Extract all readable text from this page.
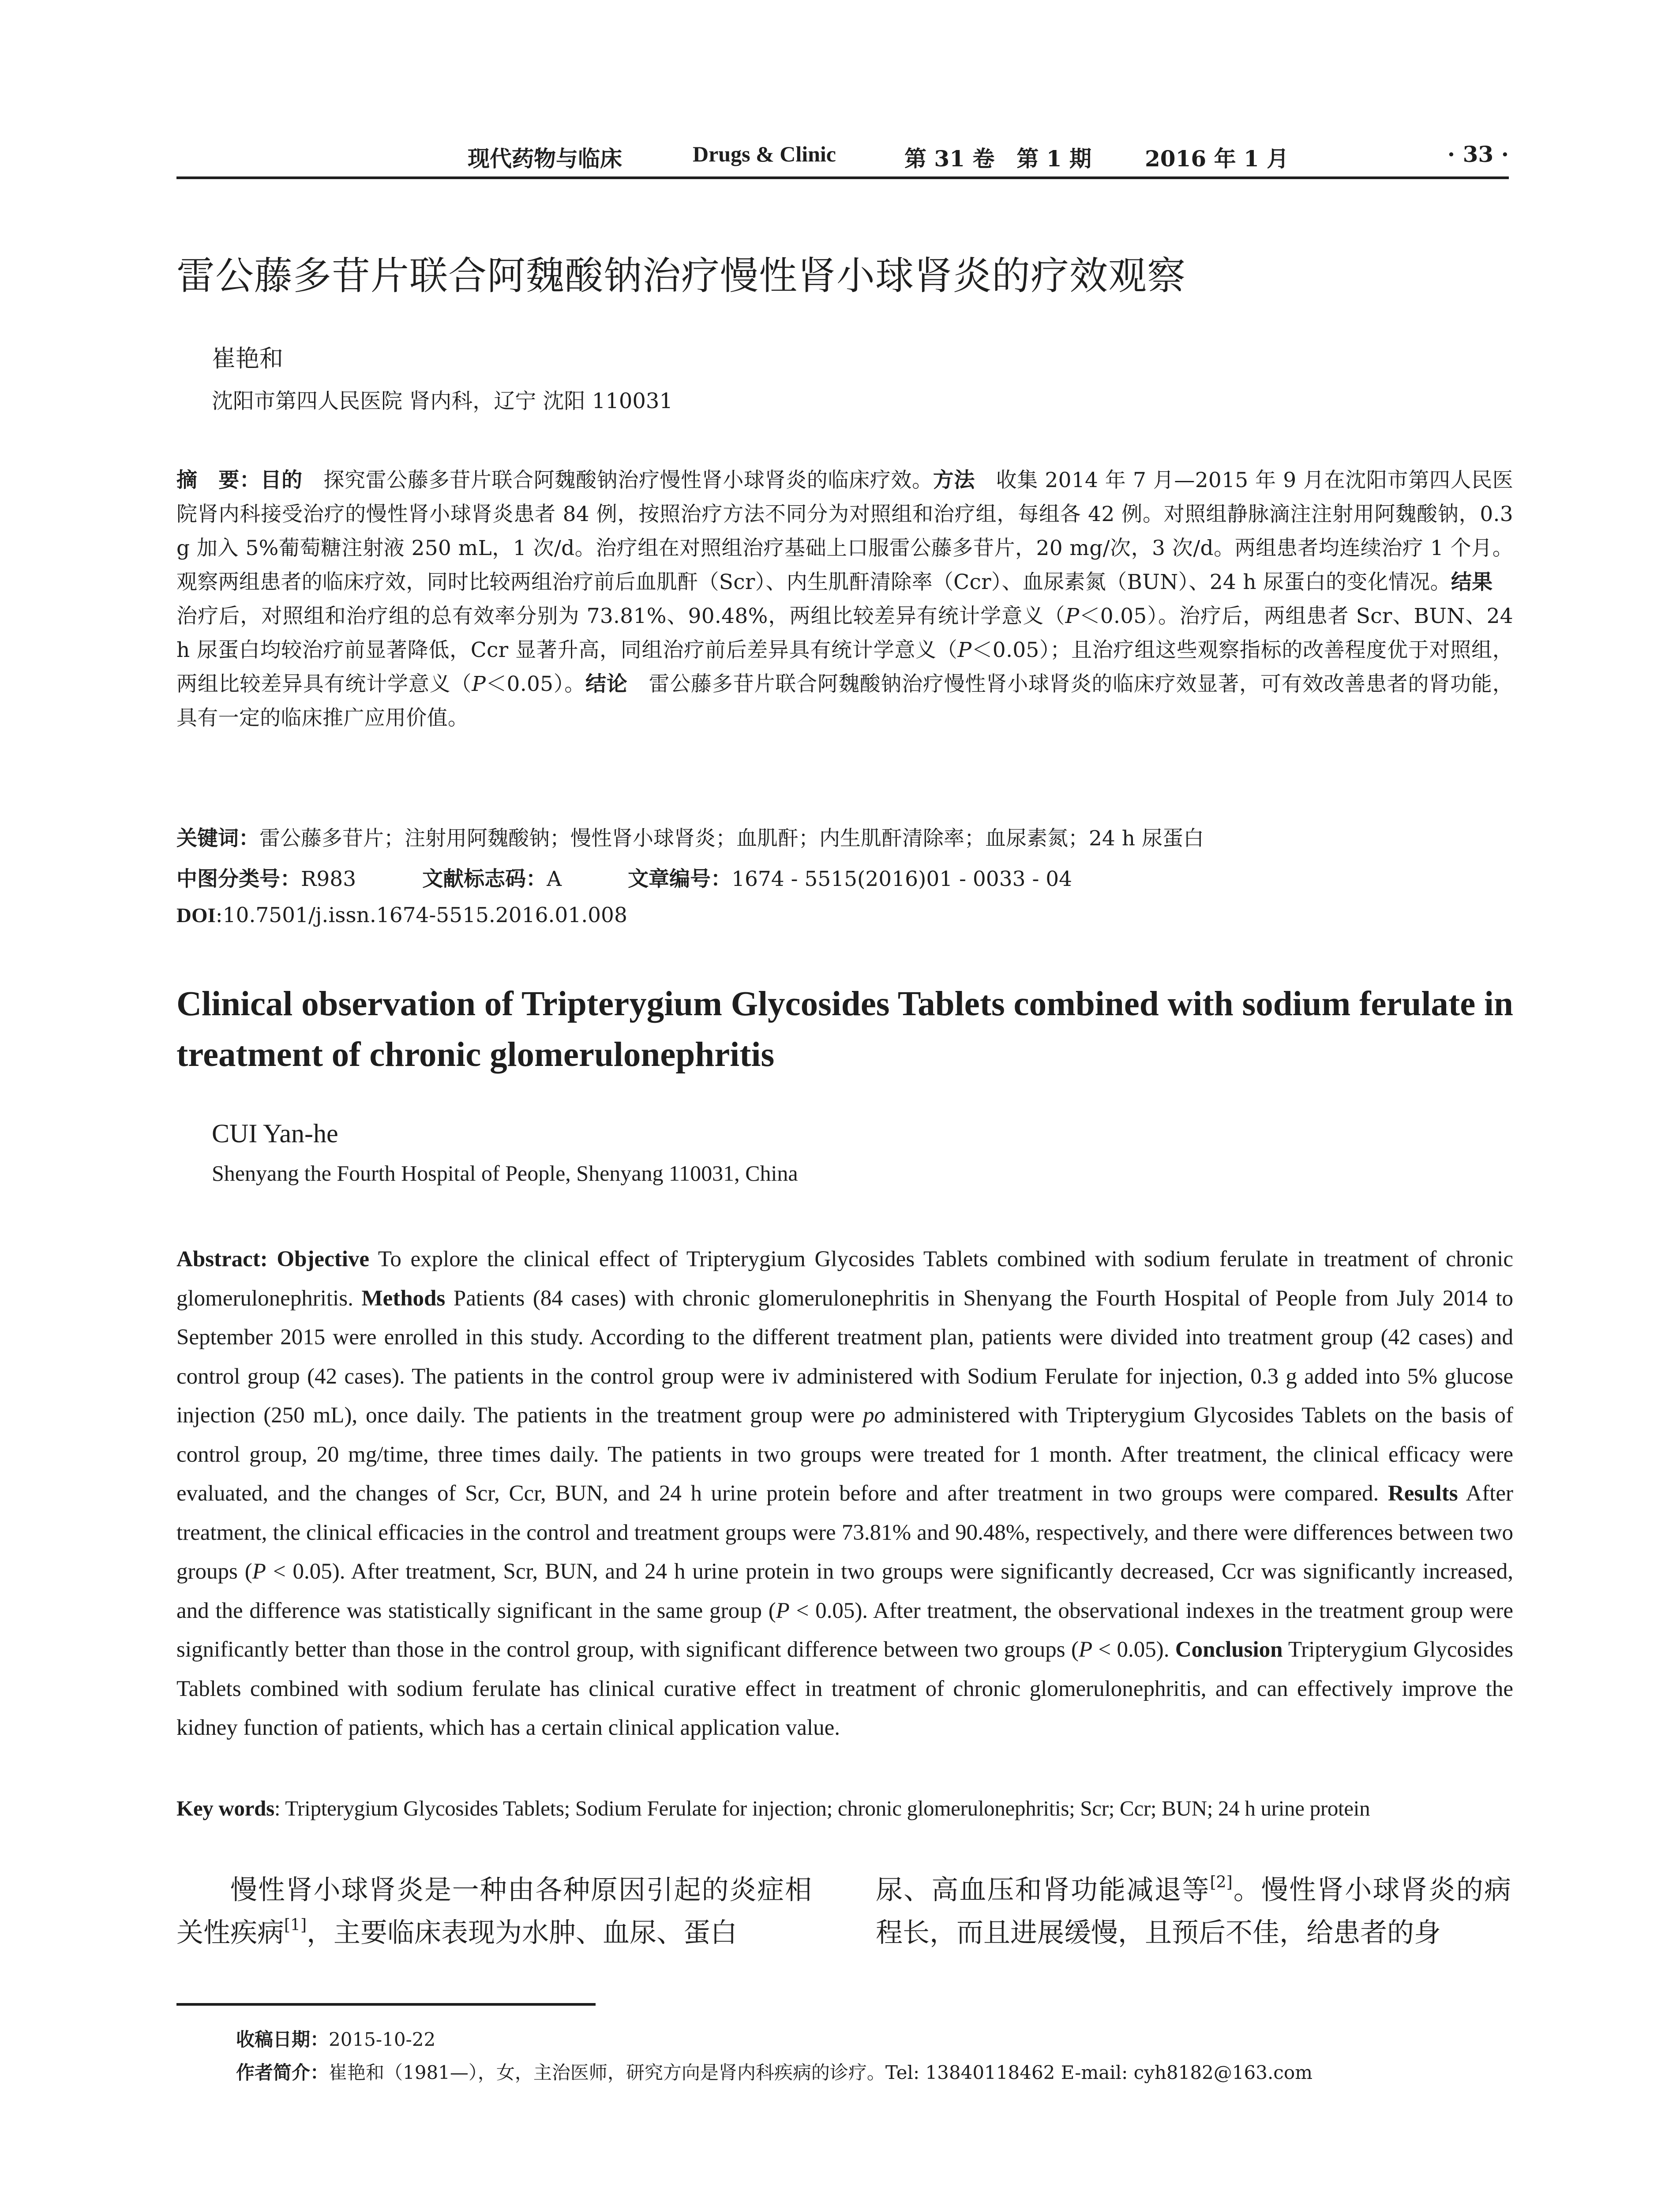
现代药物与临床	Drugs & Clinic	第 31 卷　第 1 期 2016 年 1 月	· 33 ·
雷公藤多苷片联合阿魏酸钠治疗慢性肾小球肾炎的疗效观察
崔艳和
沈阳市第四人民医院 肾内科，辽宁 沈阳 110031
摘　要：目的　探究雷公藤多苷片联合阿魏酸钠治疗慢性肾小球肾炎的临床疗效。方法　收集 2014 年 7 月—2015 年 9 月在沈阳市第四人民医院肾内科接受治疗的慢性肾小球肾炎患者 84 例，按照治疗方法不同分为对照组和治疗组，每组各 42 例。对照组静脉滴注注射用阿魏酸钠，0.3 g 加入 5%葡萄糖注射液 250 mL，1 次/d。治疗组在对照组治疗基础上口服雷公藤多苷片，20 mg/次，3 次/d。两组患者均连续治疗 1 个月。观察两组患者的临床疗效，同时比较两组治疗前后血肌酐（Scr）、内生肌酐清除率（Ccr）、血尿素氮（BUN）、24 h 尿蛋白的变化情况。结果　治疗后，对照组和治疗组的总有效率分别为 73.81%、90.48%，两组比较差异有统计学意义（P＜0.05）。治疗后，两组患者 Scr、BUN、24 h 尿蛋白均较治疗前显著降低，Ccr 显著升高，同组治疗前后差异具有统计学意义（P＜0.05）；且治疗组这些观察指标的改善程度优于对照组，两组比较差异具有统计学意义（P＜0.05）。结论　雷公藤多苷片联合阿魏酸钠治疗慢性肾小球肾炎的临床疗效显著，可有效改善患者的肾功能，具有一定的临床推广应用价值。
关键词：雷公藤多苷片；注射用阿魏酸钠；慢性肾小球肾炎；血肌酐；内生肌酐清除率；血尿素氮；24 h 尿蛋白
中图分类号：R983	文献标志码：A	文章编号：1674 - 5515(2016)01 - 0033 - 04
DOI:10.7501/j.issn.1674-5515.2016.01.008
Clinical observation of Tripterygium Glycosides Tablets combined with sodium ferulate in treatment of chronic glomerulonephritis
CUI Yan-he
Shenyang the Fourth Hospital of People, Shenyang 110031, China
Abstract: Objective To explore the clinical effect of Tripterygium Glycosides Tablets combined with sodium ferulate in treatment of chronic glomerulonephritis. Methods Patients (84 cases) with chronic glomerulonephritis in Shenyang the Fourth Hospital of People from July 2014 to September 2015 were enrolled in this study. According to the different treatment plan, patients were divided into treatment group (42 cases) and control group (42 cases). The patients in the control group were iv administered with Sodium Ferulate for injection, 0.3 g added into 5% glucose injection (250 mL), once daily. The patients in the treatment group were po administered with Tripterygium Glycosides Tablets on the basis of control group, 20 mg/time, three times daily. The patients in two groups were treated for 1 month. After treatment, the clinical efficacy were evaluated, and the changes of Scr, Ccr, BUN, and 24 h urine protein before and after treatment in two groups were compared. Results After treatment, the clinical efficacies in the control and treatment groups were 73.81% and 90.48%, respectively, and there were differences between two groups (P < 0.05). After treatment, Scr, BUN, and 24 h urine protein in two groups were significantly decreased, Ccr was significantly increased, and the difference was statistically significant in the same group (P < 0.05). After treatment, the observational indexes in the treatment group were significantly better than those in the control group, with significant difference between two groups (P < 0.05). Conclusion Tripterygium Glycosides Tablets combined with sodium ferulate has clinical curative effect in treatment of chronic glomerulonephritis, and can effectively improve the kidney function of patients, which has a certain clinical application value.
Key words: Tripterygium Glycosides Tablets; Sodium Ferulate for injection; chronic glomerulonephritis; Scr; Ccr; BUN; 24 h urine protein
慢性肾小球肾炎是一种由各种原因引起的炎症相关性疾病[1]，主要临床表现为水肿、血尿、蛋白
尿、高血压和肾功能减退等[2]。慢性肾小球肾炎的病程长，而且进展缓慢，且预后不佳，给患者的身
收稿日期：2015-10-22
作者简介：崔艳和（1981—），女，主治医师，研究方向是肾内科疾病的诊疗。Tel: 13840118462 E-mail: cyh8182@163.com
